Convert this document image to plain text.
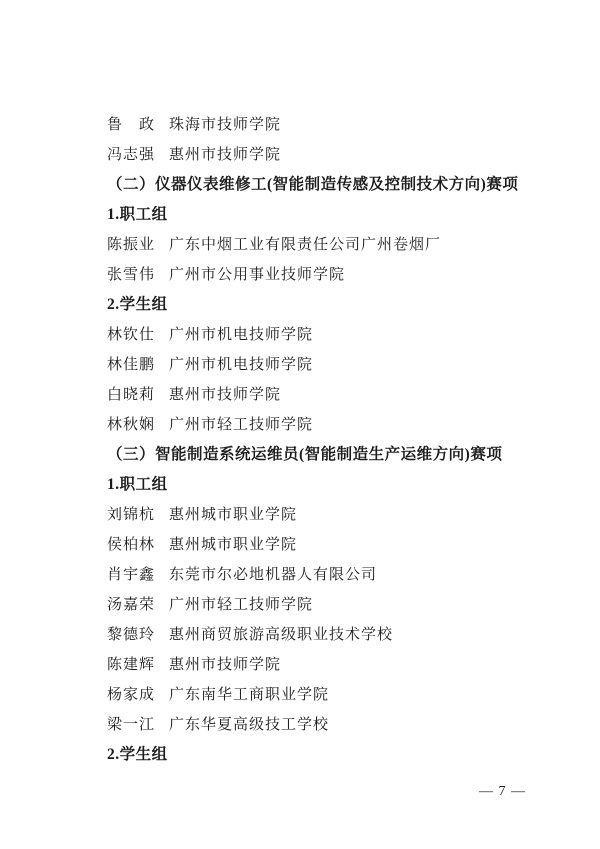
鲁　政 珠海市技师学院
冯志强 惠州市技师学院
（二）仪器仪表维修工(智能制造传感及控制技术方向)赛项
1.职工组
陈振业 广东中烟工业有限责任公司广州卷烟厂
张雪伟 广州市公用事业技师学院
2.学生组
林钦仕 广州市机电技师学院
林佳鹏 广州市机电技师学院
白晓莉 惠州市技师学院
林秋娴 广州市轻工技师学院
（三）智能制造系统运维员(智能制造生产运维方向)赛项
1.职工组
刘锦杭 惠州城市职业学院
侯柏林 惠州城市职业学院
肖宇鑫 东莞市尔必地机器人有限公司
汤嘉荣 广州市轻工技师学院
黎德玲 惠州商贸旅游高级职业技术学校
陈建辉 惠州市技师学院
杨家成 广东南华工商职业学院
梁一江 广东华夏高级技工学校
2.学生组
— 7 —
